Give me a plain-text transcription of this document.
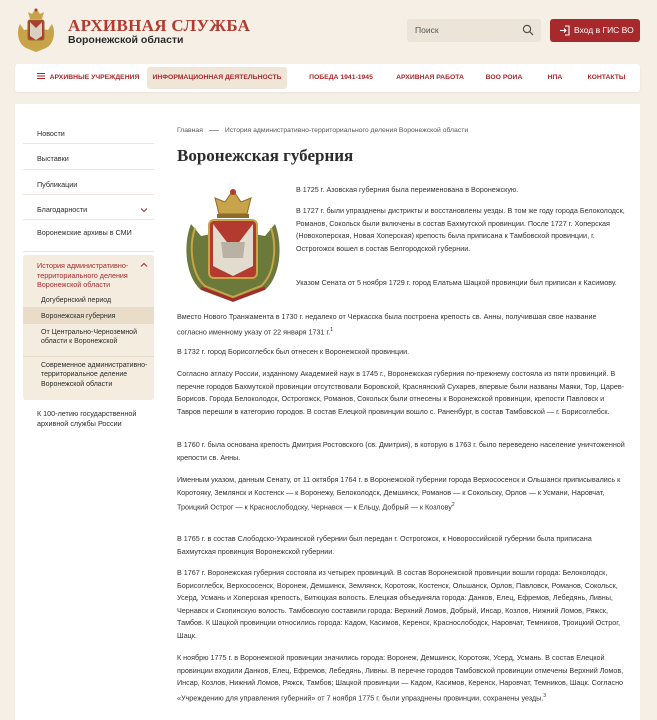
АРХИВНАЯ СЛУЖБА
Воронежской области
Поиск	Вход в ГИС ВО
АРХИВНЫЕ УЧРЕЖДЕНИЯ	ИНФОРМАЦИОННАЯ ДЕЯТЕЛЬНОСТЬ	ПОБЕДА 1941-1945	АРХИВНАЯ РАБОТА	ВОО РОИА	НПА	КОНТАКТЫ
Новости
Выставки
Публикации
Благодарности
Воронежские архивы в СМИ
История административно-территориального деления Воронежской области
Догубернский период
Воронежская губерния
От Центрально-Черноземной области к Воронежской
Современное административно-территориальное деление Воронежской области
К 100-летию государственной архивной службы России
Главная	История административно-территориального деления Воронежской области
Воронежская губерния
В 1725 г. Азовская губерния была переименована в Воронежскую.
В 1727 г. были упразднены дистрикты и восстановлены уезды. В том же году города Белоколодск, Романов, Сокольск были включены в состав Бахмутской провинции. После 1727 г. Хоперская (Новохоперская, Новая Хоперская) крепость была приписана к Тамбовской провинции, г. Острогожск вошел в состав Белгородской губернии.
Указом Сената от 5 ноября 1729 г. город Елатьма Шацкой провинции был приписан к Касимову.
Вместо Нового Транжамента в 1730 г. недалеко от Черкасска была построена крепость св. Анны, получившая свое название согласно именному указу от 22 января 1731 г.$^1$
В 1732 г. город Борисоглебск был отнесен к Воронежской провинции.
Согласно атласу России, изданному Академией наук в 1745 г., Воронежская губерния по-прежнему состояла из пяти провинций. В перечне городов Бахмутской провинции отсутствовали Боровской, Краснянский Сухарев, впервые были названы Маяки, Тор, Царев-Борисов. Города Белоколодск, Острогожск, Романов, Сокольск были отнесены к Воронежской провинции, крепости Павловск и Тавров перешли в категорию городов. В состав Елецкой провинции вошло с. Раненбург, в состав Тамбовской — г. Борисоглебск.
В 1760 г. была основана крепость Дмитрия Ростовского (св. Дмитрия), в которую в 1763 г. было переведено население уничтоженной крепости св. Анны.
Именным указом, данным Сенату, от 11 октября 1764 г. в Воронежской губернии города Верхососенск и Ольшанск приписывались к Коротояку, Землянск и Костенск — к Воронежу, Белоколодск, Демшинск, Романов — к Сокольску, Орлов — к Усмани, Наровчат, Троицкий Острог — к Краснослободску, Чернавск — к Ельцу, Добрый — к Козлову$^2$
В 1765 г. в состав Слободско-Украинской губернии был передан г. Острогожск, к Новороссийской губернии была приписана Бахмутская провинция Воронежской губернии.
В 1767 г. Воронежская губерния состояла из четырех провинций. В состав Воронежской провинции вошли города: Белоколодск, Борисоглебск, Верхососенск, Воронеж, Демшинск, Землянск, Коротояк, Костенск, Ольшанск, Орлов, Павловск, Романов, Сокольск, Усерд, Усмань и Хоперская крепость, Битюцкая волость. Елецкая объединяла города: Данков, Елец, Ефремов, Лебедянь, Ливны, Чернавск и Скопинскую волость. Тамбовскую составили города: Верхний Ломов, Добрый, Инсар, Козлов, Нижний Ломов, Ряжск, Тамбов. К Шацкой провинции относились города: Кадом, Касимов, Керенск, Краснослободск, Наровчат, Темников, Троицкий Острог, Шацк.
К ноябрю 1775 г. в Воронежской провинции значились города: Воронеж, Демшинск, Коротояк, Усерд, Усмань. В состав Елецкой провинции входили Данков, Елец, Ефремов, Лебедянь, Ливны. В перечне городов Тамбовской провинции отмечены Верхний Ломов, Инсар, Козлов, Нижний Ломов, Ряжск, Тамбов; Шацкой провинции — Кадом, Касимов, Керенск, Наровчат, Темников, Шацк. Согласно «Учреждению для управления губерний» от 7 ноября 1775 г. были упразднены провинции, сохранены уезды.$^3$
